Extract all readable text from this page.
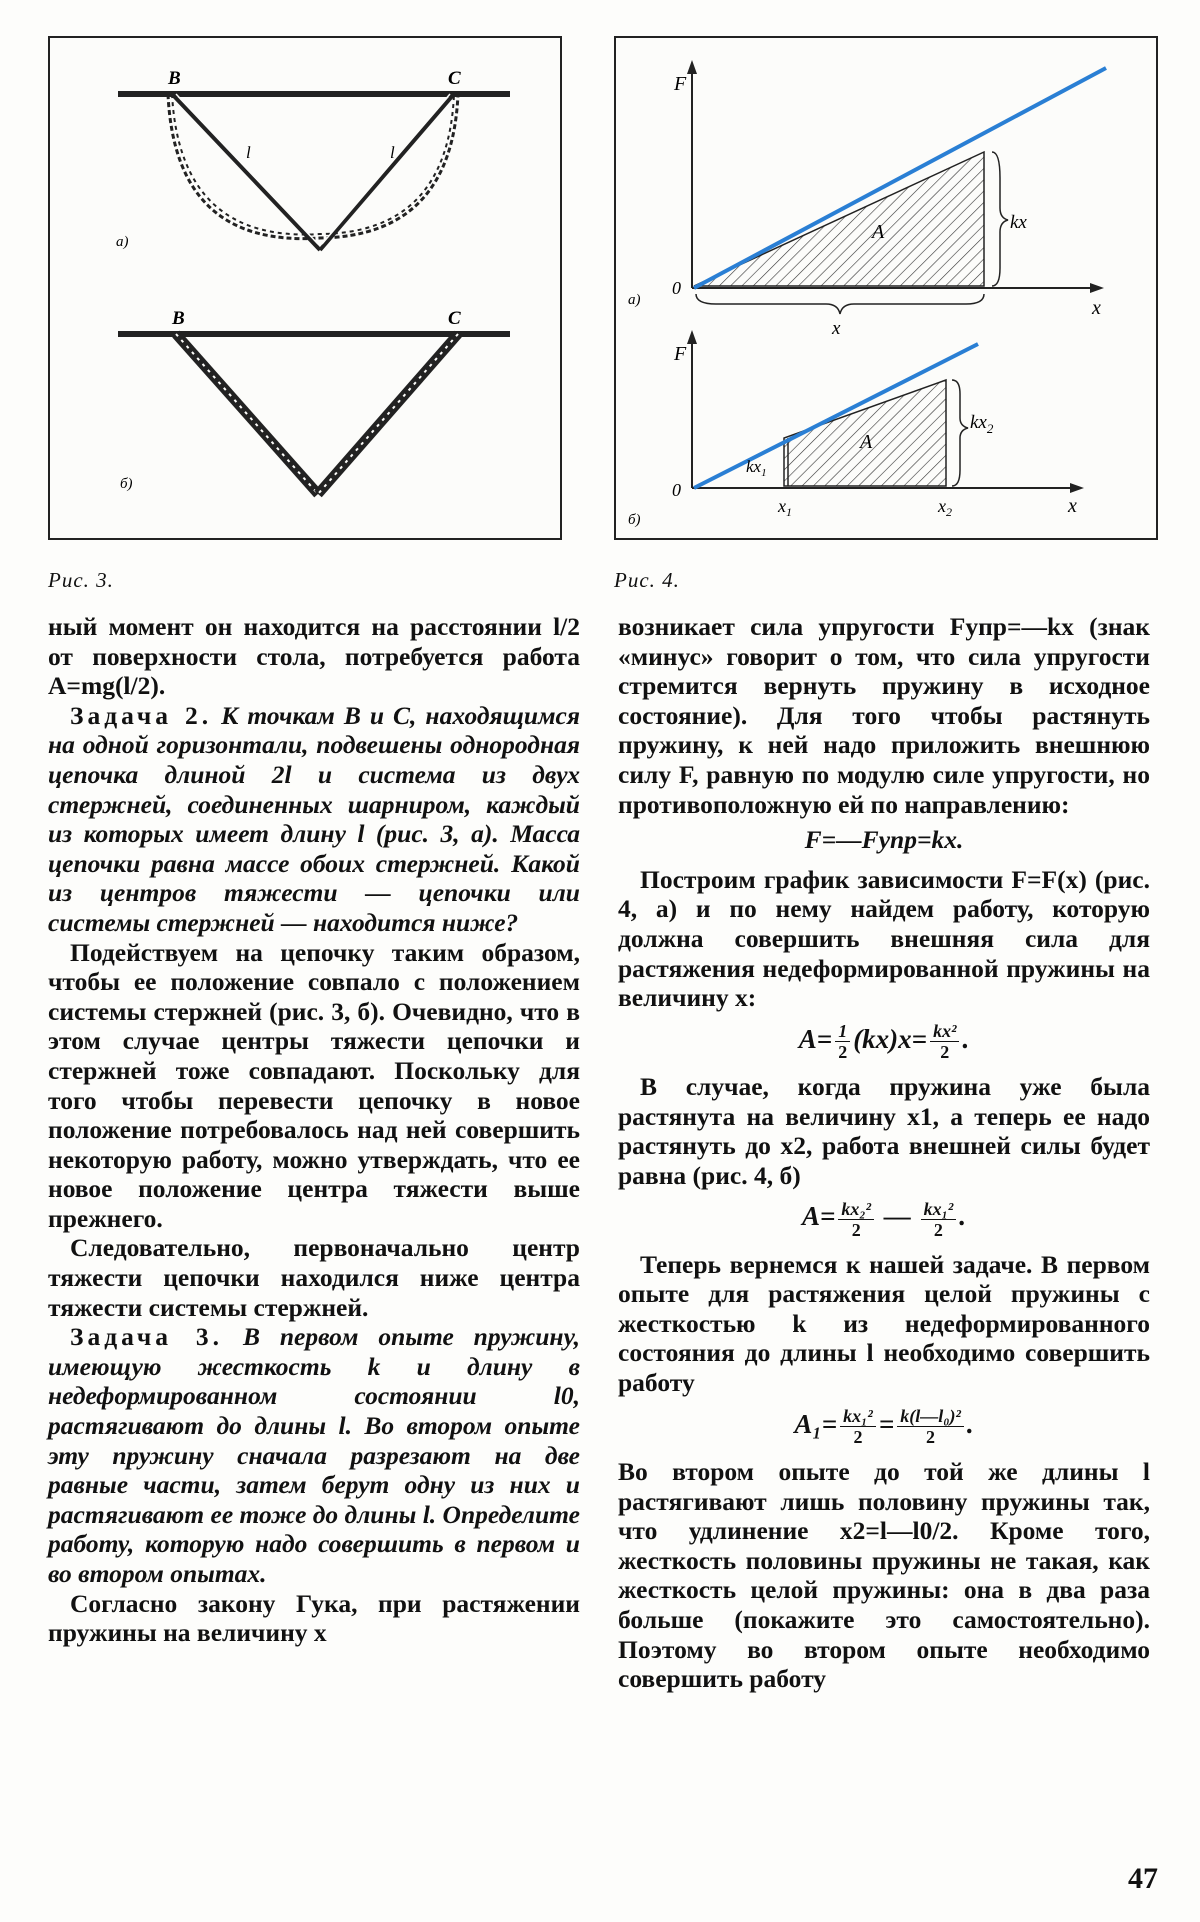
B	C
l	l
а)
B	C
б)
Рис. 3.
F
x
0
а)
A	kx
x
F
x
0
б)
A
$kx_2$
$kx_1$
$x_1$	$x_2$
Рис. 4.

ный момент он находится на расстоянии l/2 от поверхности стола, потребуется работа A=mg(l/2).

Задача 2. К точкам B и C, находящимся на одной горизонтали, подвешены однородная цепочка длиной 2l и система из двух стержней, соединенных шарниром, каждый из которых имеет длину l (рис. 3, а). Масса цепочки равна массе обоих стержней. Какой из центров тяжести — цепочки или системы стержней — находится ниже?

Подействуем на цепочку таким образом, чтобы ее положение совпало с положением системы стержней (рис. 3, б). Очевидно, что в этом случае центры тяжести цепочки и стержней тоже совпадают. Поскольку для того чтобы перевести цепочку в новое положение потребовалось над ней совершить некоторую работу, можно утверждать, что ее новое положение центра тяжести выше прежнего.

Следовательно, первоначально центр тяжести цепочки находился ниже центра тяжести системы стержней.

Задача 3. В первом опыте пружину, имеющую жесткость k и длину в недеформированном состоянии l0, растягивают до длины l. Во втором опыте эту пружину сначала разрезают на две равные части, затем берут одну из них и растягивают ее тоже до длины l. Определите работу, которую надо совершить в первом и во втором опытах.

Согласно закону Гука, при растяжении пружины на величину x

возникает сила упругости Fупр=—kx (знак «минус» говорит о том, что сила упругости стремится вернуть пружину в исходное состояние). Для того чтобы растянуть пружину, к ней надо приложить внешнюю силу F, равную по модулю силе упругости, но противоположную ей по направлению:

F=—Fупр=kx.

Построим график зависимости F=F(x) (рис. 4, а) и по нему найдем работу, которую должна совершить внешняя сила для растяжения недеформированной пружины на величину x:

$A= \frac{1}{2} (kx)x= \frac{\text{kx²}}{2}$ .

В случае, когда пружина уже была растянута на величину x1, а теперь ее надо растянуть до x2, работа внешней силы будет равна (рис. 4, б)

$A= \frac{\text{kx₂²}}{2}$ — $\frac{\text{kx₁²}}{2}$ .

Теперь вернемся к нашей задаче. В первом опыте для растяжения целой пружины с жесткостью k из недеформированного состояния до длины l необходимо совершить работу

$A_1= \frac{\text{kx₁²}}{2} = \frac{\text{k(l—l₀)²}}{2}$ .

Во втором опыте до той же длины l растягивают лишь половину пружины так, что удлинение x2=l—l0/2. Кроме того, жесткость половины пружины не такая, как жесткость целой пружины: она в два раза больше (покажите это самостоятельно). Поэтому во втором опыте необходимо совершить работу

47
